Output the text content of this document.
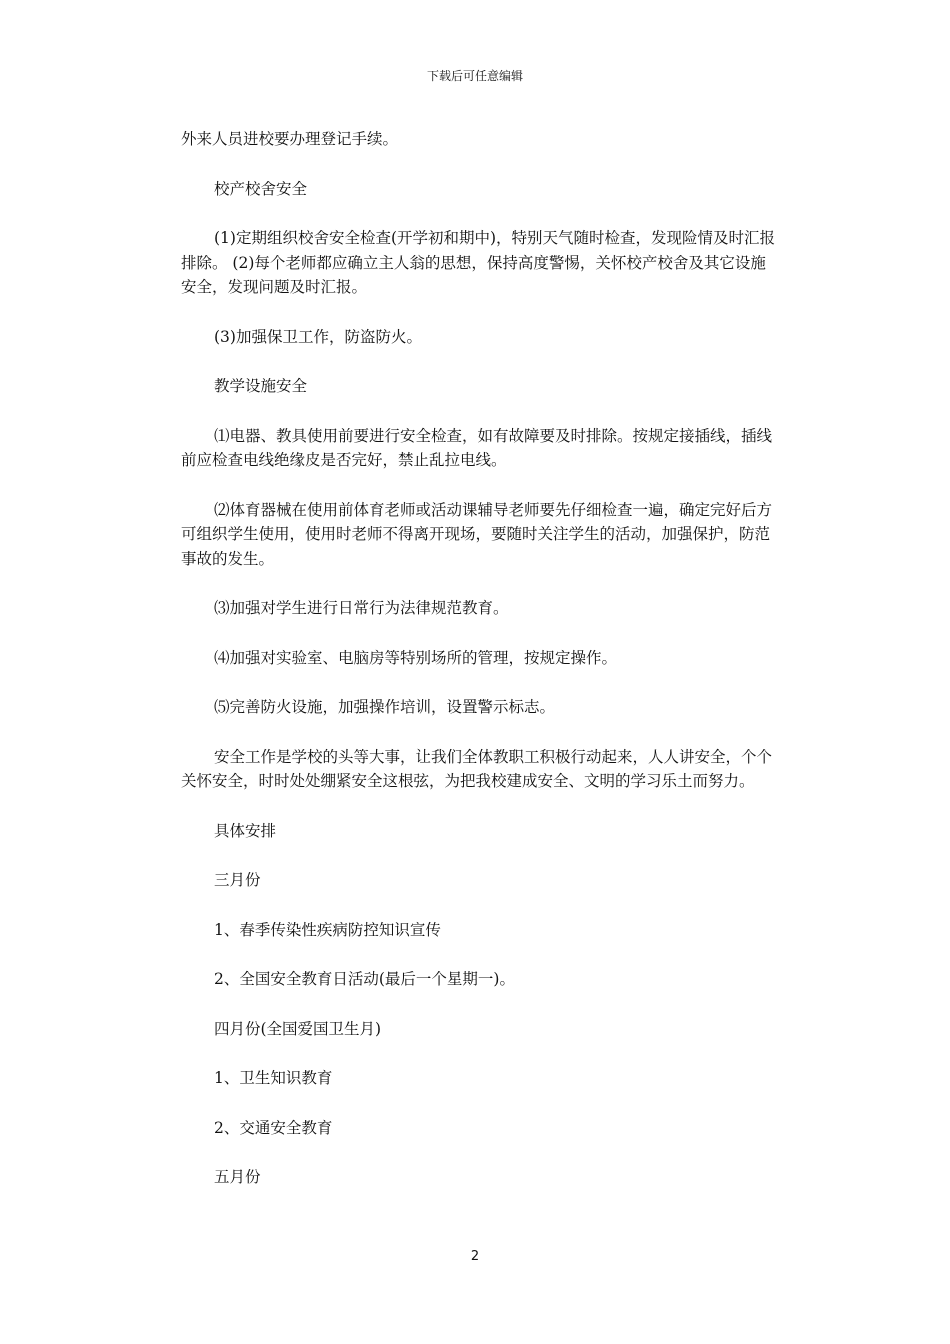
下载后可任意编辑

外来人员进校要办理登记手续。

校产校舍安全

(1)定期组织校舍安全检查(开学初和期中)，特别天气随时检查，发现险情及时汇报排除。 (2)每个老师都应确立主人翁的思想，保持高度警惕，关怀校产校舍及其它设施安全，发现问题及时汇报。

(3)加强保卫工作，防盗防火。

教学设施安全

⑴电器、教具使用前要进行安全检查，如有故障要及时排除。按规定接插线，插线前应检查电线绝缘皮是否完好，禁止乱拉电线。

⑵体育器械在使用前体育老师或活动课辅导老师要先仔细检查一遍，确定完好后方可组织学生使用，使用时老师不得离开现场，要随时关注学生的活动，加强保护，防范事故的发生。

⑶加强对学生进行日常行为法律规范教育。

⑷加强对实验室、电脑房等特别场所的管理，按规定操作。

⑸完善防火设施，加强操作培训，设置警示标志。

安全工作是学校的头等大事，让我们全体教职工积极行动起来，人人讲安全，个个关怀安全，时时处处绷紧安全这根弦，为把我校建成安全、文明的学习乐土而努力。

具体安排

三月份

1、春季传染性疾病防控知识宣传

2、全国安全教育日活动(最后一个星期一)。

四月份(全国爱国卫生月)

1、卫生知识教育

2、交通安全教育

五月份

2
